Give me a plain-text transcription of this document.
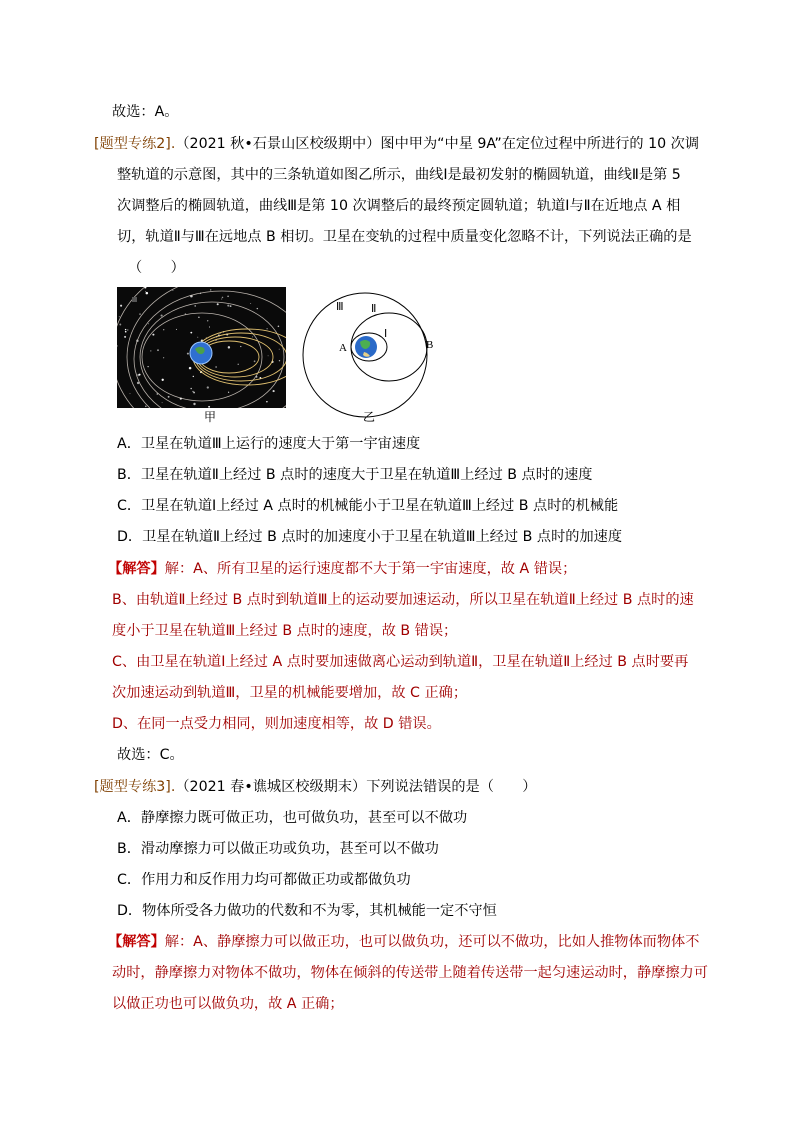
故选：A。
[题型专练2].（2021 秋•石景山区校级期中）图中甲为“中星 9A”在定位过程中所进行的 10 次调
整轨道的示意图，其中的三条轨道如图乙所示，曲线Ⅰ是最初发射的椭圆轨道，曲线Ⅱ是第 5
次调整后的椭圆轨道，曲线Ⅲ是第 10 次调整后的最终预定圆轨道；轨道Ⅰ与Ⅱ在近地点 A 相
切，轨道Ⅱ与Ⅲ在远地点 B 相切。卫星在变轨的过程中质量变化忽略不计，下列说法正确的是
（　　）
甲
Ⅲ Ⅱ
Ⅰ
A	B
乙
A．卫星在轨道Ⅲ上运行的速度大于第一宇宙速度
B．卫星在轨道Ⅱ上经过 B 点时的速度大于卫星在轨道Ⅲ上经过 B 点时的速度
C．卫星在轨道Ⅰ上经过 A 点时的机械能小于卫星在轨道Ⅲ上经过 B 点时的机械能
D．卫星在轨道Ⅱ上经过 B 点时的加速度小于卫星在轨道Ⅲ上经过 B 点时的加速度
【解答】解：A、所有卫星的运行速度都不大于第一宇宙速度，故 A 错误；
B、由轨道Ⅱ上经过 B 点时到轨道Ⅲ上的运动要加速运动，所以卫星在轨道Ⅱ上经过 B 点时的速
度小于卫星在轨道Ⅲ上经过 B 点时的速度，故 B 错误；
C、由卫星在轨道Ⅰ上经过 A 点时要加速做离心运动到轨道Ⅱ，卫星在轨道Ⅱ上经过 B 点时要再
次加速运动到轨道Ⅲ，卫星的机械能要增加，故 C 正确；
D、在同一点受力相同，则加速度相等，故 D 错误。
故选：C。
[题型专练3].（2021 春•谯城区校级期末）下列说法错误的是（　　）
A．静摩擦力既可做正功，也可做负功，甚至可以不做功
B．滑动摩擦力可以做正功或负功，甚至可以不做功
C．作用力和反作用力均可都做正功或都做负功
D．物体所受各力做功的代数和不为零，其机械能一定不守恒
【解答】解：A、静摩擦力可以做正功，也可以做负功，还可以不做功，比如人推物体而物体不
动时，静摩擦力对物体不做功，物体在倾斜的传送带上随着传送带一起匀速运动时，静摩擦力可
以做正功也可以做负功，故 A 正确；
